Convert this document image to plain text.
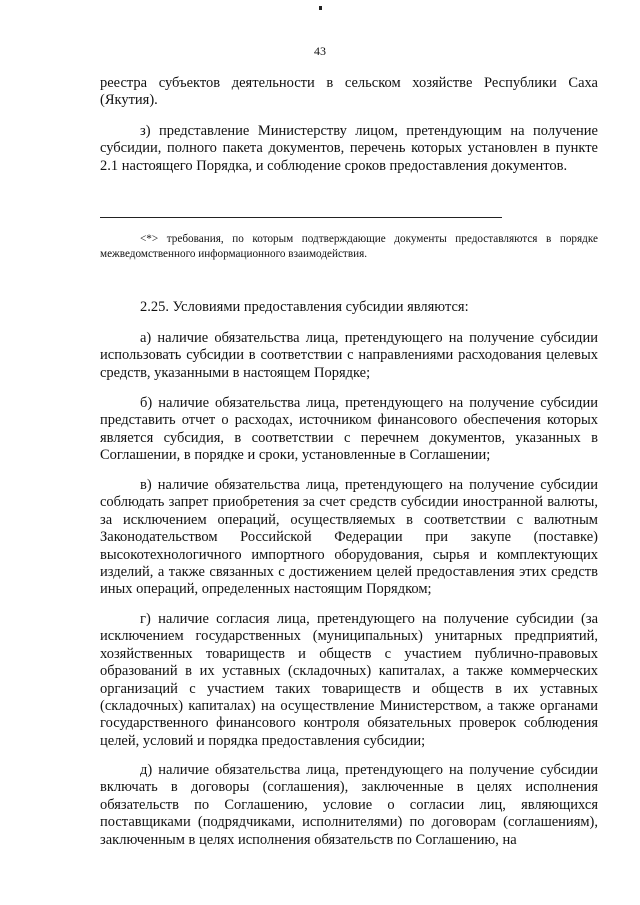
43
реестра субъектов деятельности в сельском хозяйстве Республики Саха (Якутия).
з) представление Министерству лицом, претендующим на получение субсидии, полного пакета документов, перечень которых установлен в пункте 2.1 настоящего Порядка, и соблюдение сроков предоставления документов.
<*> требования, по которым подтверждающие документы предоставляются в порядке межведомственного информационного взаимодействия.
2.25. Условиями предоставления субсидии являются:
а) наличие обязательства лица, претендующего на получение субсидии использовать субсидии в соответствии с направлениями расходования целевых средств, указанными в настоящем Порядке;
б) наличие обязательства лица, претендующего на получение субсидии представить отчет о расходах, источником финансового обеспечения которых является субсидия, в соответствии с перечнем документов, указанных в Соглашении, в порядке и сроки, установленные в Соглашении;
в) наличие обязательства лица, претендующего на получение субсидии соблюдать запрет приобретения за счет средств субсидии иностранной валюты, за исключением операций, осуществляемых в соответствии с валютным Законодательством Российской Федерации при закупе (поставке) высокотехнологичного импортного оборудования, сырья и комплектующих изделий, а также связанных с достижением целей предоставления этих средств иных операций, определенных настоящим Порядком;
г) наличие согласия лица, претендующего на получение субсидии (за исключением государственных (муниципальных) унитарных предприятий, хозяйственных товариществ и обществ с участием публично-правовых образований в их уставных (складочных) капиталах, а также коммерческих организаций с участием таких товариществ и обществ в их уставных (складочных) капиталах) на осуществление Министерством, а также органами государственного финансового контроля обязательных проверок соблюдения целей, условий и порядка предоставления субсидии;
д) наличие обязательства лица, претендующего на получение субсидии включать в договоры (соглашения), заключенные в целях исполнения обязательств по Соглашению, условие о согласии лиц, являющихся поставщиками (подрядчиками, исполнителями) по договорам (соглашениям), заключенным в целях исполнения обязательств по Соглашению, на
